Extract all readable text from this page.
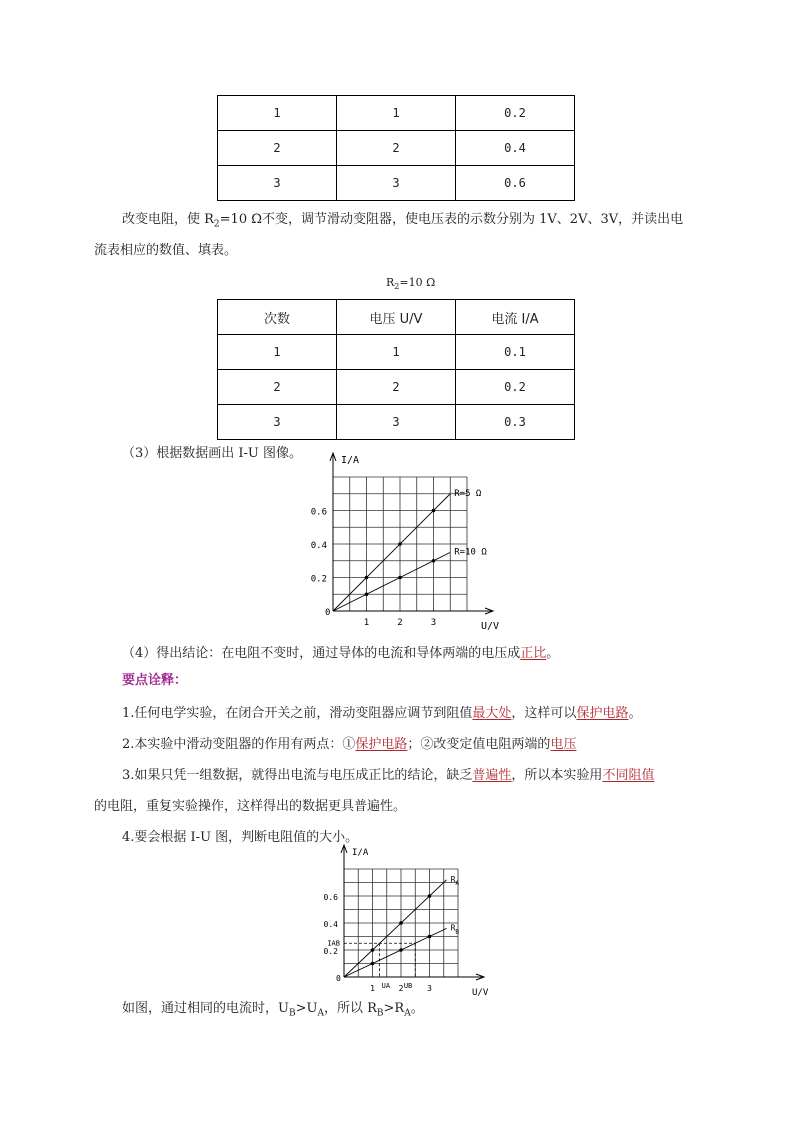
1	1	0.2
2	2	0.4
3	3	0.6
改变电阻，使 $R_2=10$ Ω不变，调节滑动变阻器，使电压表的示数分别为 1V、2V、3V，并读出电
流表相应的数值、填表。
$R_2=10$ Ω
次数	电压 U/V	电流 I/A
1	1	0.1
2	2	0.2
3	3	0.3
（3）根据数据画出 I-U 图像。	I/A
U/V
0
1	2	3
0.2
0.4
0.6
R=5 Ω
R=10 Ω
（4）得出结论：在电阻不变时，通过导体的电流和导体两端的电压成正比。
要点诠释：
1.任何电学实验，在闭合开关之前，滑动变阻器应调节到阻值最大处，这样可以保护电路。
2.本实验中滑动变阻器的作用有两点：①保护电路；②改变定值电阻两端的电压
3.如果只凭一组数据，就得出电流与电压成正比的结论，缺乏普遍性，所以本实验用不同阻值
的电阻，重复实验操作，这样得出的数据更具普遍性。
4.要会根据 I-U 图，判断电阻值的大小。
I/A
U/V
0
1	2	3
0.2
0.4
0.6
$R_A$
$R_B$
IAB
UA UB
如图，通过相同的电流时，$U_B>U_A$，所以 $R_B>R_A$。
